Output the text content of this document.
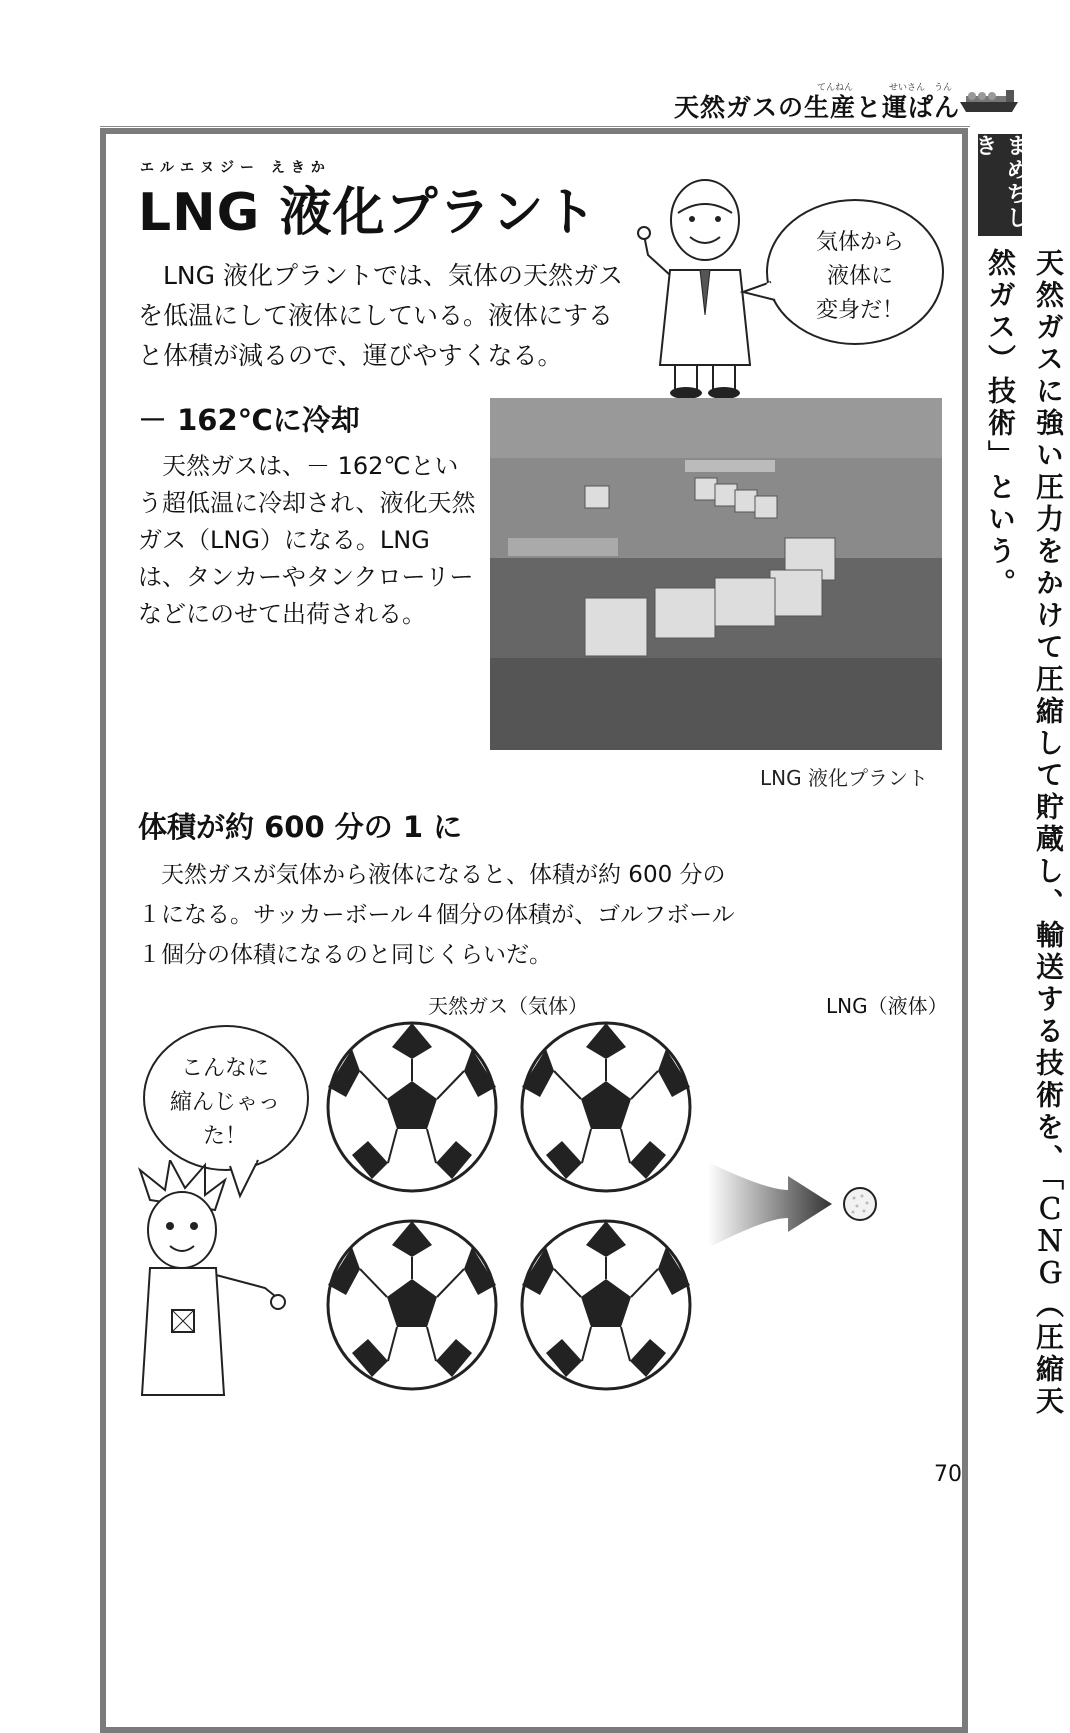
てんねん　　　　せいさん　うん
天然ガスの生産と運ぱん
エルエヌジー えきか
LNG 液化プラント
LNG 液化プラントでは、気体の天然ガスを低温にして液体にしている。液体にすると体積が減るので、運びやすくなる。
気体から
液体に
変身だ！
－ 162℃に冷却
天然ガスは、－ 162℃という超低温に冷却され、液化天然ガス（LNG）になる。LNG は、タンカーやタンクローリーなどにのせて出荷される。
LNG 液化プラント
体積が約 600 分の 1 に
天然ガスが気体から液体になると、体積が約 600 分の１になる。サッカーボール４個分の体積が、ゴルフボール１個分の体積になるのと同じくらいだ。
天然ガス（気体）	LNG（液体）
こんなに
縮んじゃった！
まめちしき
天然ガスに強い圧力をかけて圧縮して貯蔵し、輸送する技術を、「ＣＮＧ（圧縮天然ガス）技術」という。
70
